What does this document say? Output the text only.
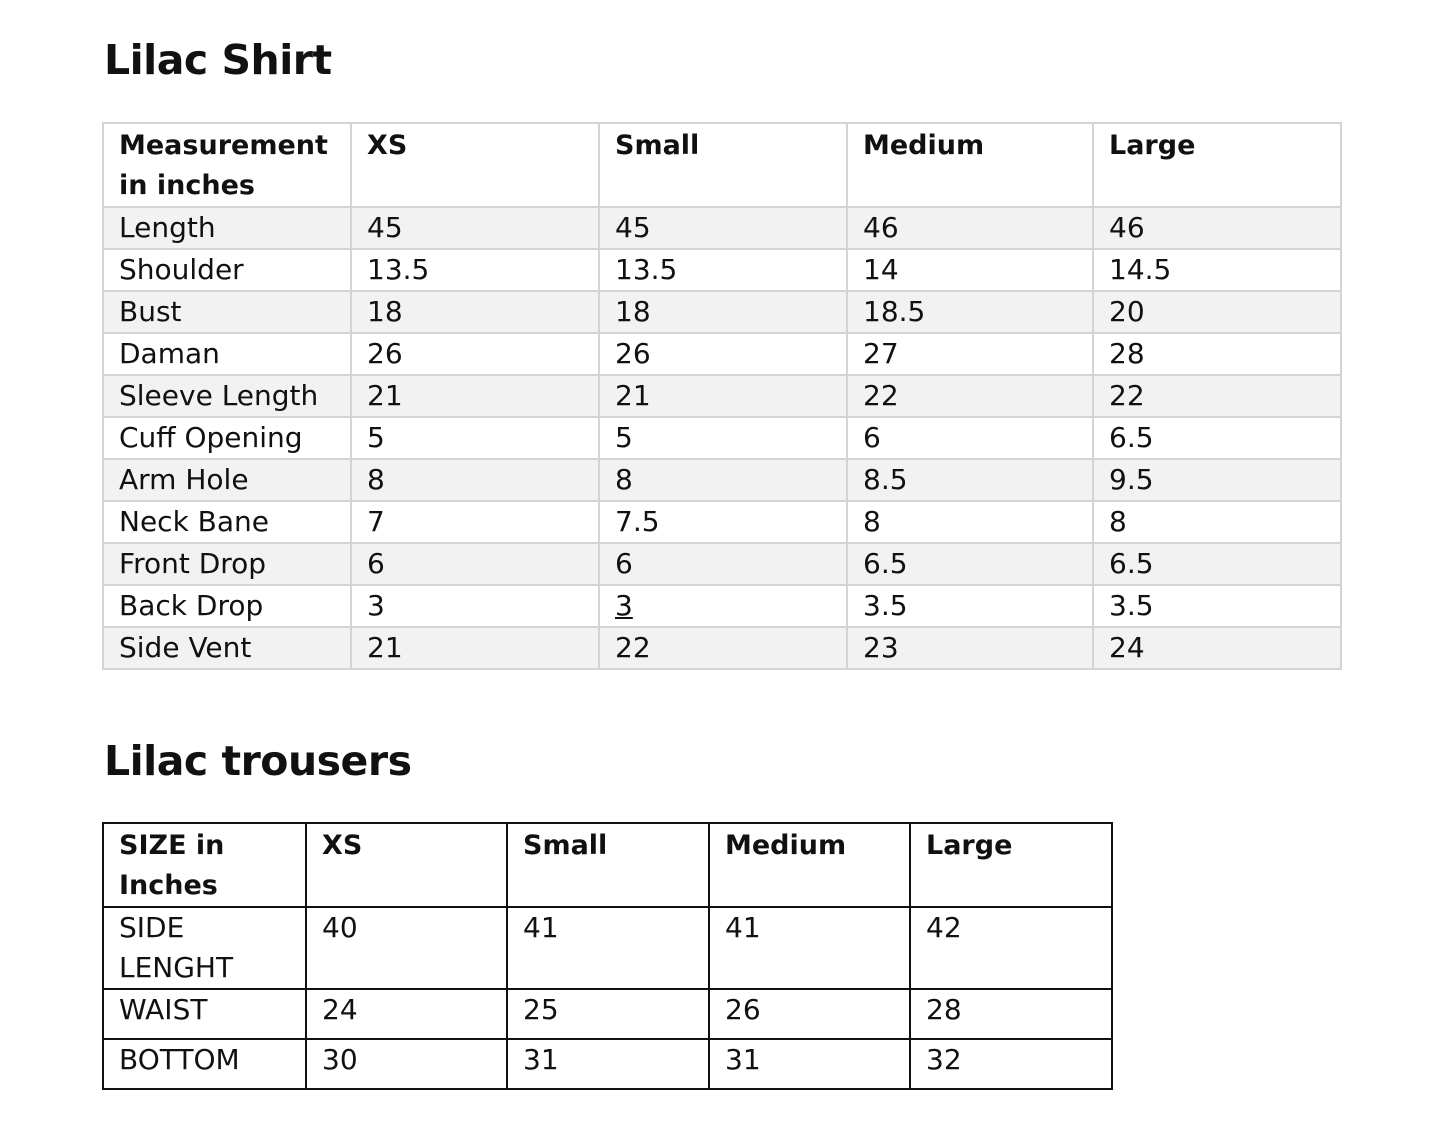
Lilac Shirt
Measurement in inches	XS	Small	Medium	Large
Length	45	45	46	46
Shoulder	13.5	13.5	14	14.5
Bust	18	18	18.5	20
Daman	26	26	27	28
Sleeve Length	21	21	22	22
Cuff Opening	5	5	6	6.5
Arm Hole	8	8	8.5	9.5
Neck Bane	7	7.5	8	8
Front Drop	6	6	6.5	6.5
Back Drop	3	3	3.5	3.5
Side Vent	21	22	23	24
Lilac trousers
SIZE in Inches	XS	Small	Medium	Large
SIDE LENGHT	40	41	41	42
WAIST	24	25	26	28
BOTTOM	30	31	31	32
